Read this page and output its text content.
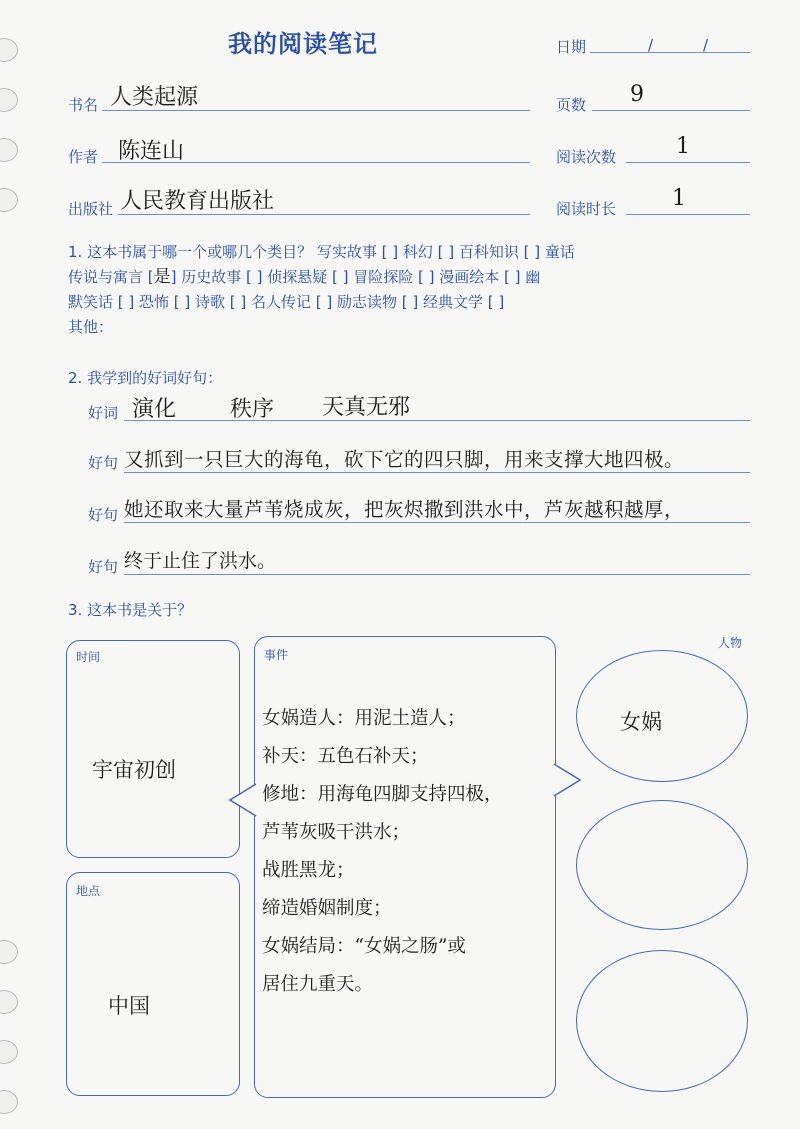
我的阅读笔记	日期	/	/
书名 人类起源	页数 9
作者 陈连山	阅读次数	1
出版社 人民教育出版社	阅读时长	1
1. 这本书属于哪一个或哪几个类目？ 写实故事 [ ] 科幻 [ ] 百科知识 [ ] 童话
传说与寓言 [是] 历史故事 [ ] 侦探悬疑 [ ] 冒险探险 [ ] 漫画绘本 [ ] 幽
默笑话 [ ] 恐怖 [ ] 诗歌 [ ] 名人传记 [ ] 励志读物 [ ] 经典文学 [ ]
其他：
2. 我学到的好词好句：
好词 演化 秩序 天真无邪
好句 又抓到一只巨大的海龟，砍下它的四只脚，用来支撑大地四极。
好句 她还取来大量芦苇烧成灰，把灰烬撒到洪水中，芦灰越积越厚，
好句 终于止住了洪水。
3. 这本书是关于？
时间
宇宙初创
地点
中国
事件
女娲造人：用泥土造人；
补天：五色石补天；
修地：用海龟四脚支持四极，
芦苇灰吸干洪水；
战胜黑龙；
缔造婚姻制度；
女娲结局：“女娲之肠”或
居住九重天。
人物
女娲
